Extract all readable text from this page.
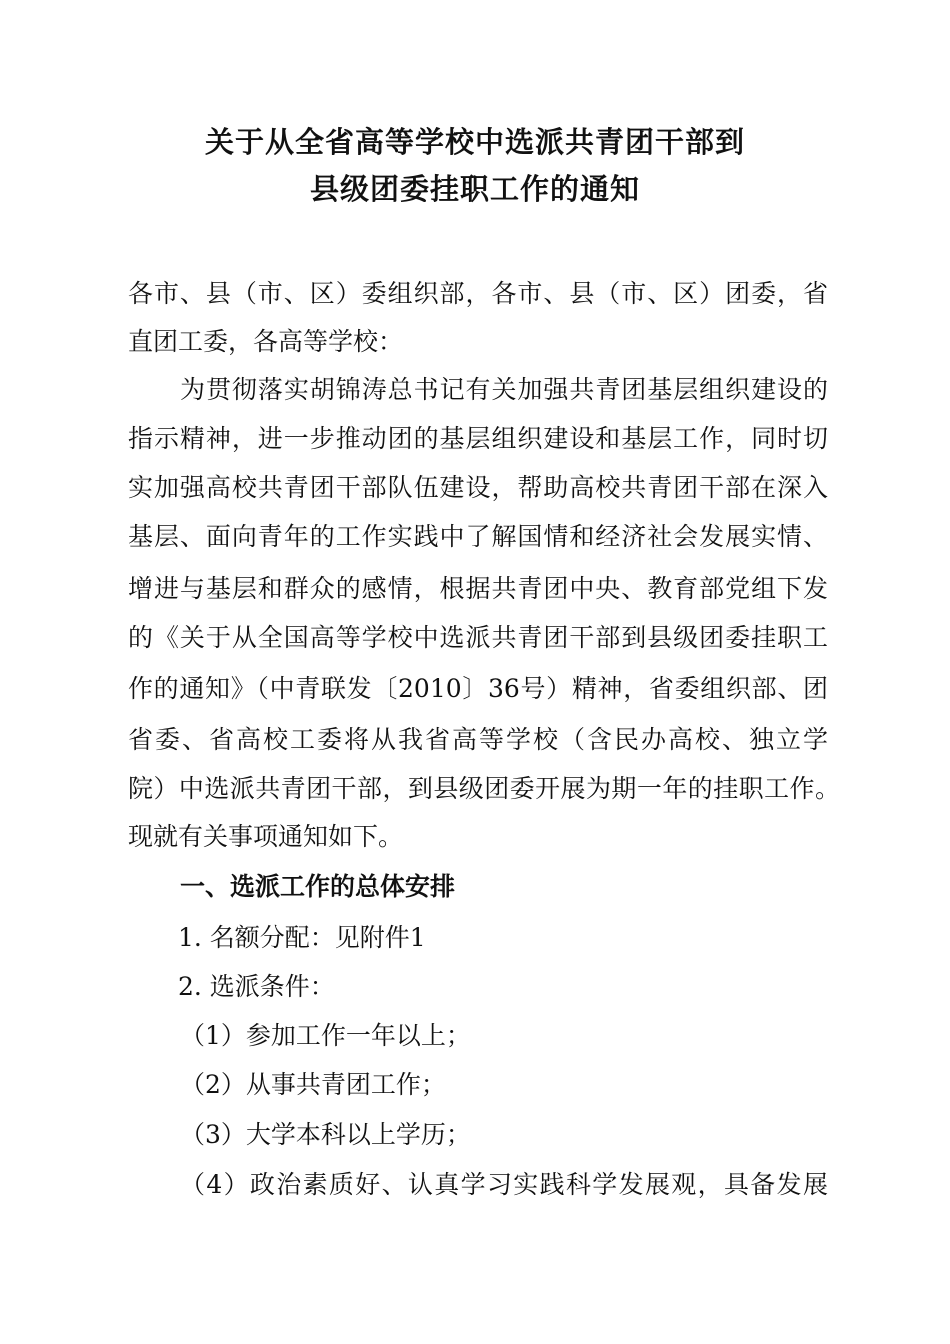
关于从全省高等学校中选派共青团干部到
县级团委挂职工作的通知
各市、县（市、区）委组织部，各市、县（市、区）团委，省
直团工委，各高等学校：
为贯彻落实胡锦涛总书记有关加强共青团基层组织建设的
指示精神，进一步推动团的基层组织建设和基层工作，同时切
实加强高校共青团干部队伍建设，帮助高校共青团干部在深入
基层、面向青年的工作实践中了解国情和经济社会发展实情、
增进与基层和群众的感情，根据共青团中央、教育部党组下发
的《关于从全国高等学校中选派共青团干部到县级团委挂职工
作的通知》（中青联发〔2010〕36号）精神，省委组织部、团
省委、省高校工委将从我省高等学校（含民办高校、独立学
院）中选派共青团干部，到县级团委开展为期一年的挂职工作。
现就有关事项通知如下。
一、选派工作的总体安排
1. 名额分配：见附件1
2. 选派条件：
（1）参加工作一年以上；
（2）从事共青团工作；
（3）大学本科以上学历；
（4）政治素质好、认真学习实践科学发展观，具备发展
